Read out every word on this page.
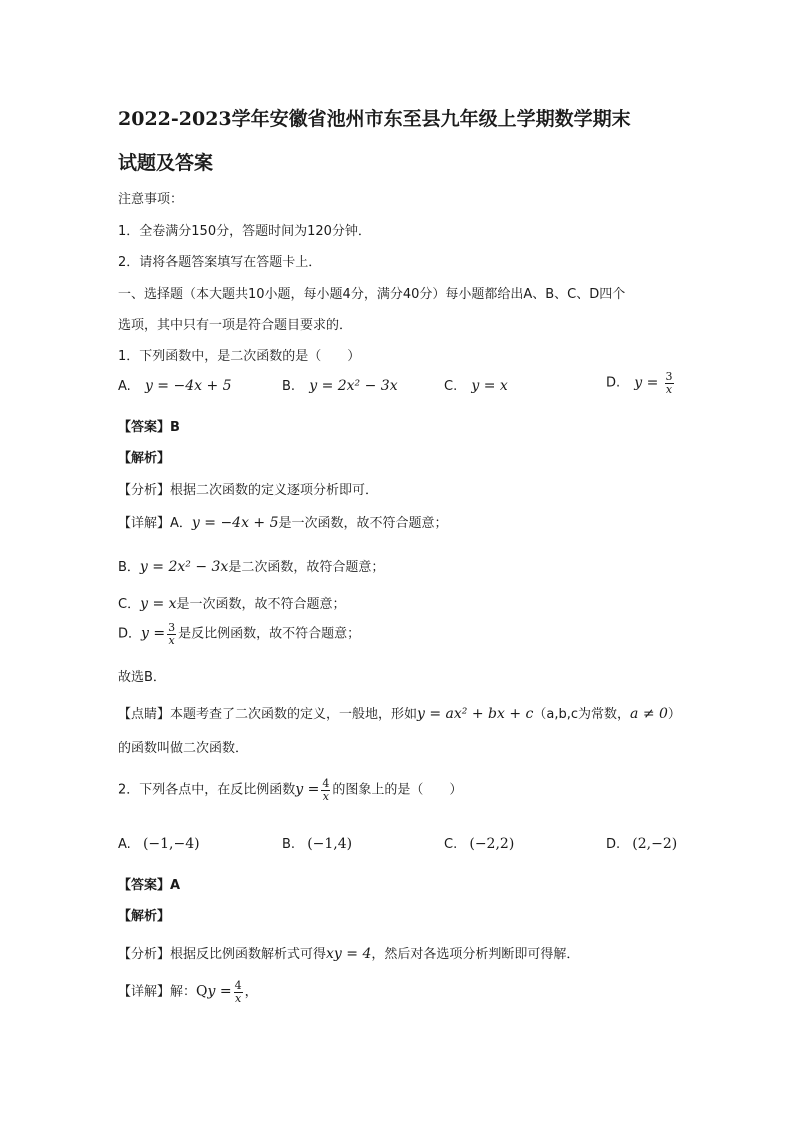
2022-2023学年安徽省池州市东至县九年级上学期数学期末
试题及答案
注意事项：
1．全卷满分150分，答题时间为120分钟．
2．请将各题答案填写在答题卡上．
一、选择题（本大题共10小题，每小题4分，满分40分）每小题都给出A、B、C、D四个
选项，其中只有一项是符合题目要求的．
1．下列函数中，是二次函数的是（　　）
A. y = −4x + 5	B. y = 2x² − 3x	C. y = x	D. $y = \frac{3}{x}$
【答案】B
【解析】
【分析】根据二次函数的定义逐项分析即可．
【详解】A．y = −4x + 5是一次函数，故不符合题意；
B．y = 2x² − 3x是二次函数，故符合题意；
C．y = x是一次函数，故不符合题意；
D．$y = \frac{3}{x}$ 是反比例函数，故不符合题意；
故选B．
【点睛】本题考查了二次函数的定义，一般地，形如y = ax² + bx + c（a,b,c为常数，a ≠ 0）
的函数叫做二次函数．
2．下列各点中，在反比例函数$y = \frac{4}{x}$ 的图象上的是（　　）
A. (−1,−4)	B. (−1,4)	C. (−2,2)	D. (2,−2)
【答案】A
【解析】
【分析】根据反比例函数解析式可得xy = 4，然后对各选项分析判断即可得解．
【详解】解：$Qy = \frac{4}{x}$ ，
